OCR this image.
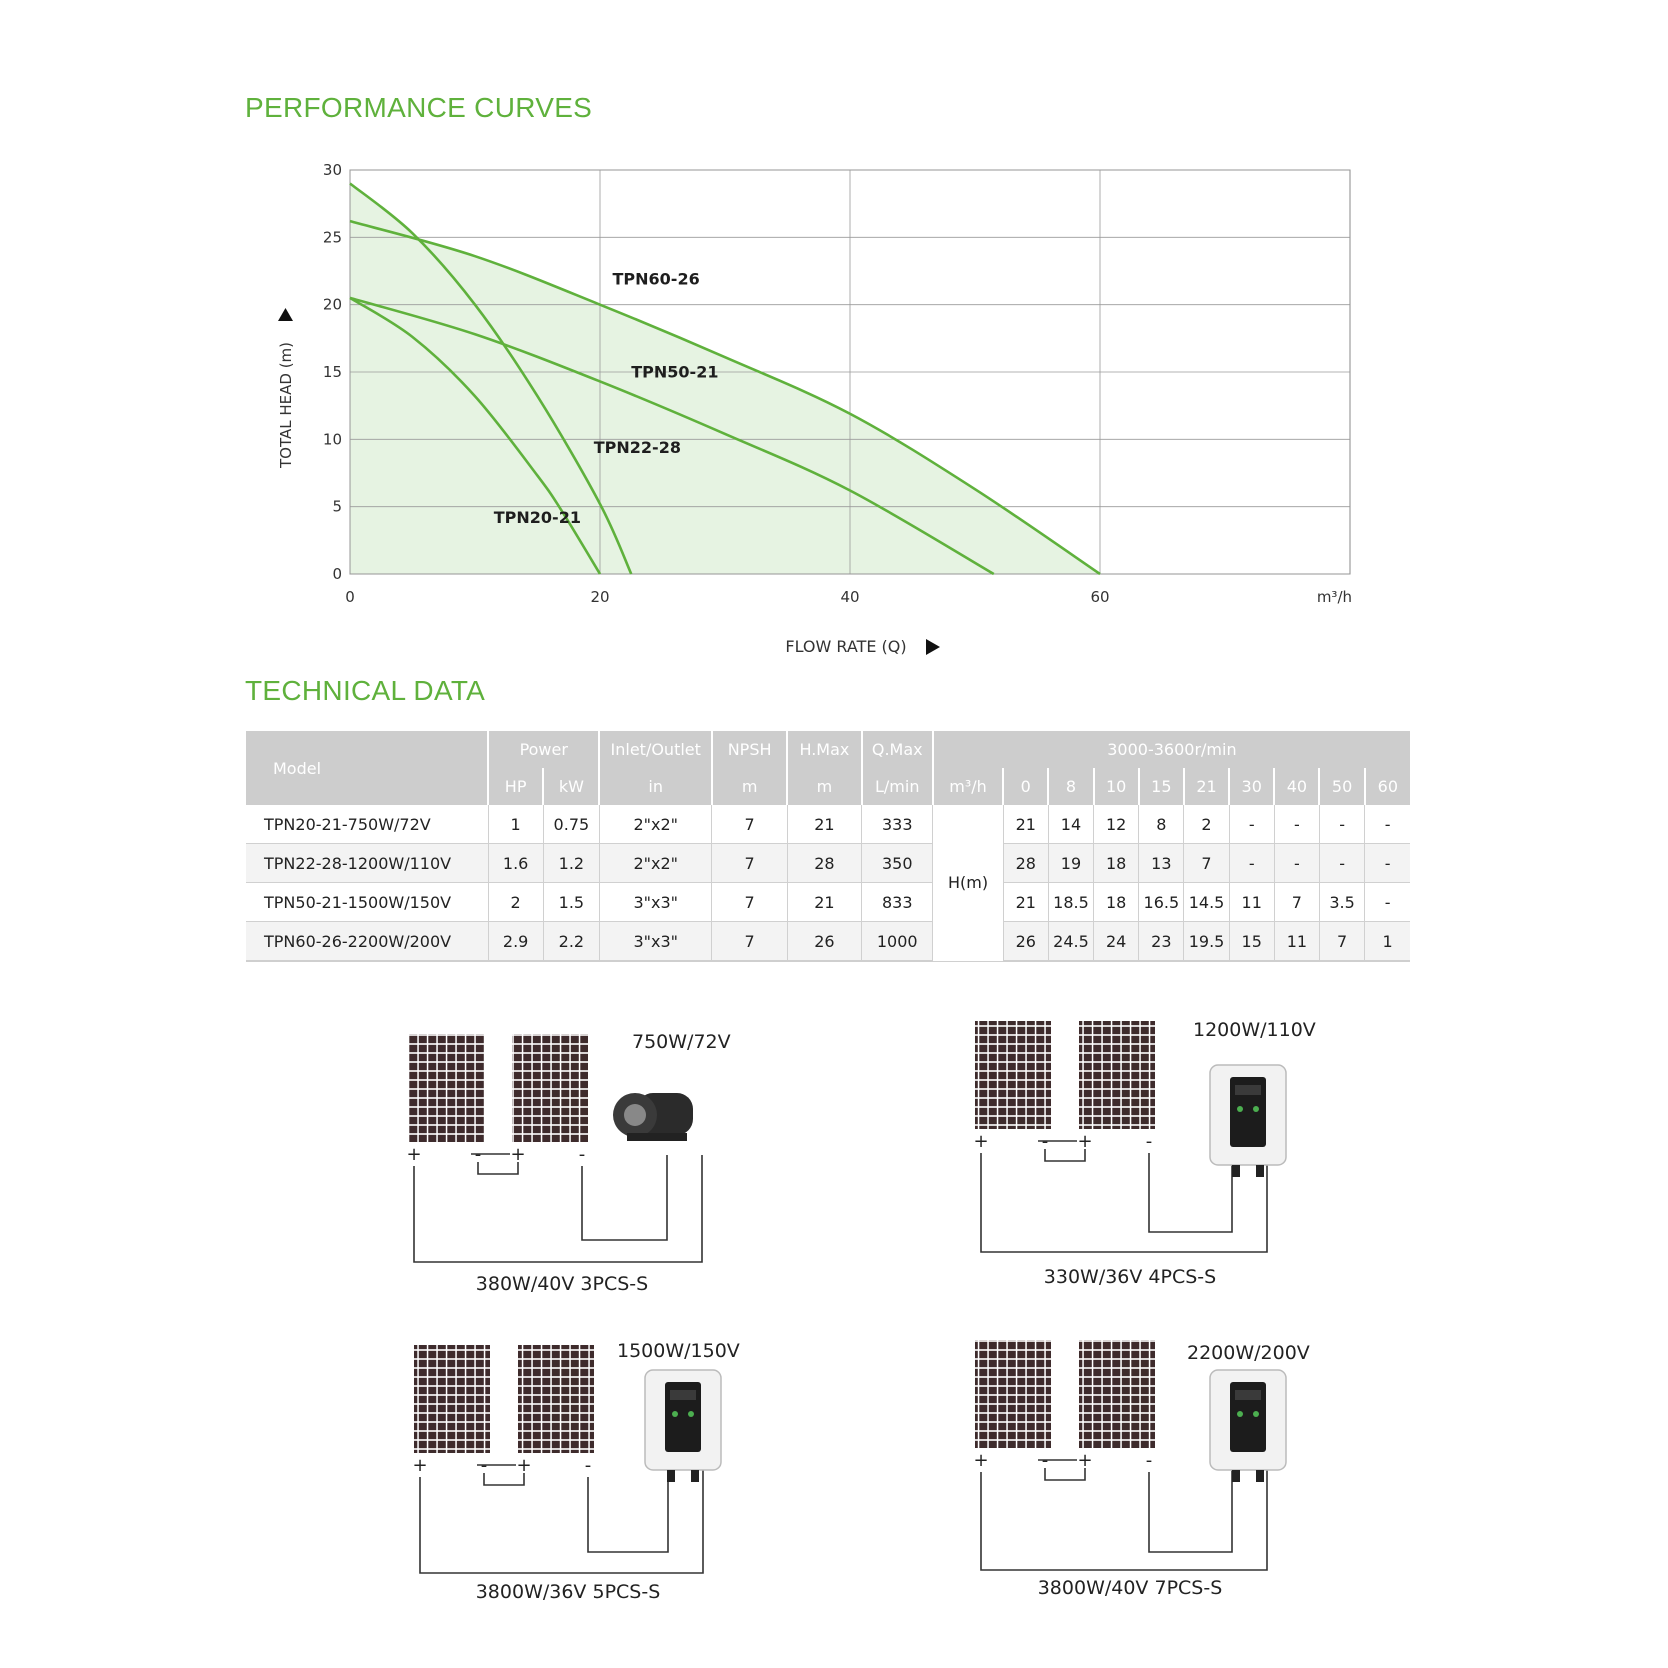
PERFORMANCE CURVES
0
5
10
15
20
25
30
0	20	40	60	m³/h
TPN20-21
TPN22-28
TPN50-21
TPN60-26
TOTAL HEAD (m)
FLOW RATE (Q)
TECHNICAL DATA
Model	Power		Inlet/Outlet	NPSH	H.Max	Q.Max	3000-3600r/min									
	HP	kW	in	m	m	L/min	m³/h	0	8	10	15	21	30	40	50	60
TPN20-21-750W/72V	1	0.75	2"x2"	7	21	333	H(m)	21	14	12	8	2	-	-	-	-
TPN22-28-1200W/110V	1.6	1.2	2"x2"	7	28	350		28	19	18	13	7	-	-	-	-
TPN50-21-1500W/150V	2	1.5	3"x3"	7	21	833		21	18.5	18	16.5	14.5	11	7	3.5	-
TPN60-26-2200W/200V	2.9	2.2	3"x3"	7	26	1000		26	24.5	24	23	19.5	15	11	7	1
+	- +	-
750W/72V
380W/40V 3PCS-S
+	- +	-
1200W/110V
330W/36V 4PCS-S
+	- +	-
1500W/150V
3800W/36V 5PCS-S
+	- +	-
2200W/200V
3800W/40V 7PCS-S
